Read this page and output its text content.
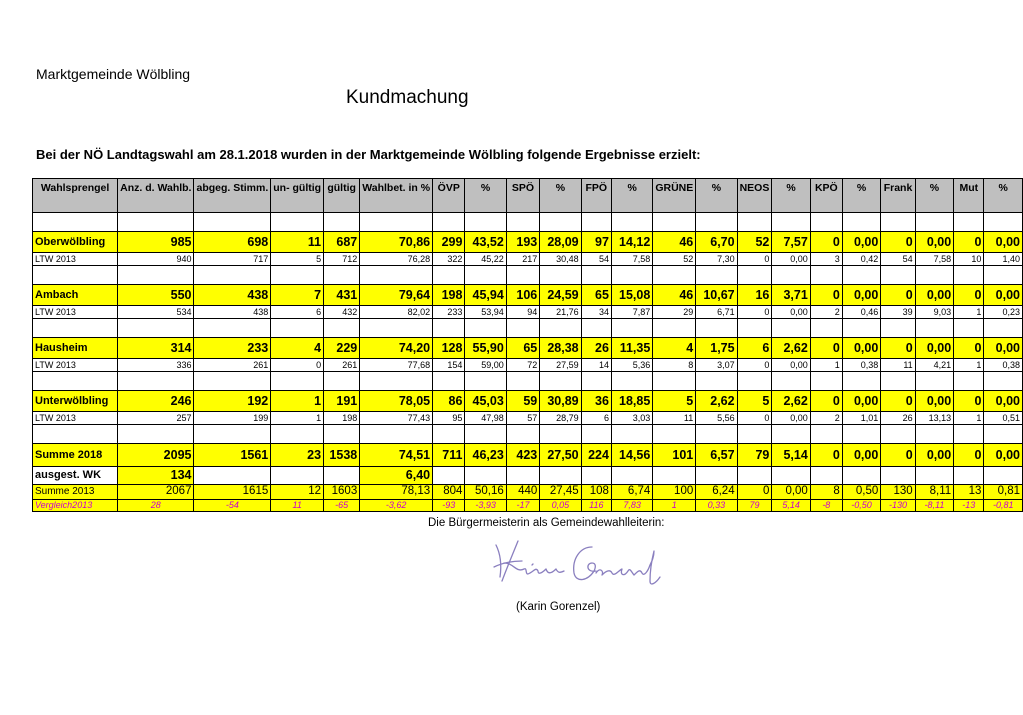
Marktgemeinde Wölbling
Kundmachung
Bei der NÖ Landtagswahl am 28.1.2018 wurden in der Marktgemeinde Wölbling folgende Ergebnisse erzielt:
Wahlsprengel	Anz. d. Wahlb.	abgeg. Stimm.	un- gültig	gültig	Wahlbet. in %	ÖVP	%	SPÖ	%	FPÖ	%	GRÜNE	%	NEOS	%	KPÖ	%	Frank	%	Mut	%

Oberwölbling	985	698	11	687	70,86	299	43,52	193	28,09	97	14,12	46	6,70	52	7,57	0	0,00	0	0,00	0	0,00
LTW 2013	940	717	5	712	76,28	322	45,22	217	30,48	54	7,58	52	7,30	0	0,00	3	0,42	54	7,58	10	1,40

Ambach	550	438	7	431	79,64	198	45,94	106	24,59	65	15,08	46	10,67	16	3,71	0	0,00	0	0,00	0	0,00
LTW 2013	534	438	6	432	82,02	233	53,94	94	21,76	34	7,87	29	6,71	0	0,00	2	0,46	39	9,03	1	0,23

Hausheim	314	233	4	229	74,20	128	55,90	65	28,38	26	11,35	4	1,75	6	2,62	0	0,00	0	0,00	0	0,00
LTW 2013	336	261	0	261	77,68	154	59,00	72	27,59	14	5,36	8	3,07	0	0,00	1	0,38	11	4,21	1	0,38

Unterwölbling	246	192	1	191	78,05	86	45,03	59	30,89	36	18,85	5	2,62	5	2,62	0	0,00	0	0,00	0	0,00
LTW 2013	257	199	1	198	77,43	95	47,98	57	28,79	6	3,03	11	5,56	0	0,00	2	1,01	26	13,13	1	0,51

Summe 2018	2095	1561	23	1538	74,51	711	46,23	423	27,50	224	14,56	101	6,57	79	5,14	0	0,00	0	0,00	0	0,00
ausgest. WK	134				6,40																
Summe 2013	2067	1615	12	1603	78,13	804	50,16	440	27,45	108	6,74	100	6,24	0	0,00	8	0,50	130	8,11	13	0,81
Vergleich2013	28	-54	11	-65	-3,62	-93	-3,93	-17	0,05	116	7,83	1	0,33	79	5,14	-8	-0,50	-130	-8,11	-13	-0,81
Die Bürgermeisterin als Gemeindewahlleiterin:
(Karin Gorenzel)
